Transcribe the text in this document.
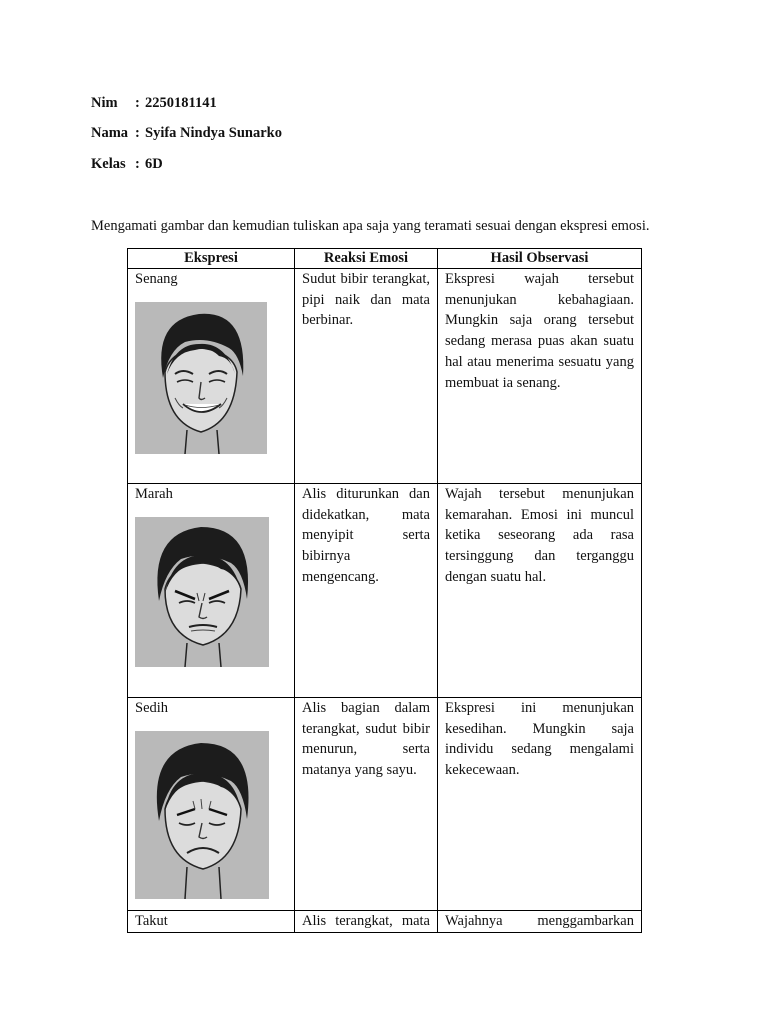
Nim : 2250181141
Nama : Syifa Nindya Sunarko
Kelas : 6D
Mengamati gambar dan kemudian tuliskan apa saja yang teramati sesuai dengan ekspresi emosi.
Ekspresi	Reaksi Emosi	Hasil Observasi

Senang	Sudut bibir terangkat, pipi naik dan mata berbinar.	Ekspresi wajah tersebut menunjukan kebahagiaan. Mungkin saja orang tersebut sedang merasa puas akan suatu hal atau menerima sesuatu yang membuat ia senang.

Marah	Alis diturunkan dan didekatkan, mata menyipit serta bibirnya mengencang.	Wajah tersebut menunjukan kemarahan. Emosi ini muncul ketika seseorang ada rasa tersinggung dan terganggu dengan suatu hal.

Sedih	Alis bagian dalam terangkat, sudut bibir menurun, serta matanya yang sayu.	Ekspresi ini menunjukan kesedihan. Mungkin saja individu sedang mengalami kekecewaan.
Takut	Alis terangkat, mata	Wajahnya menggambarkan
